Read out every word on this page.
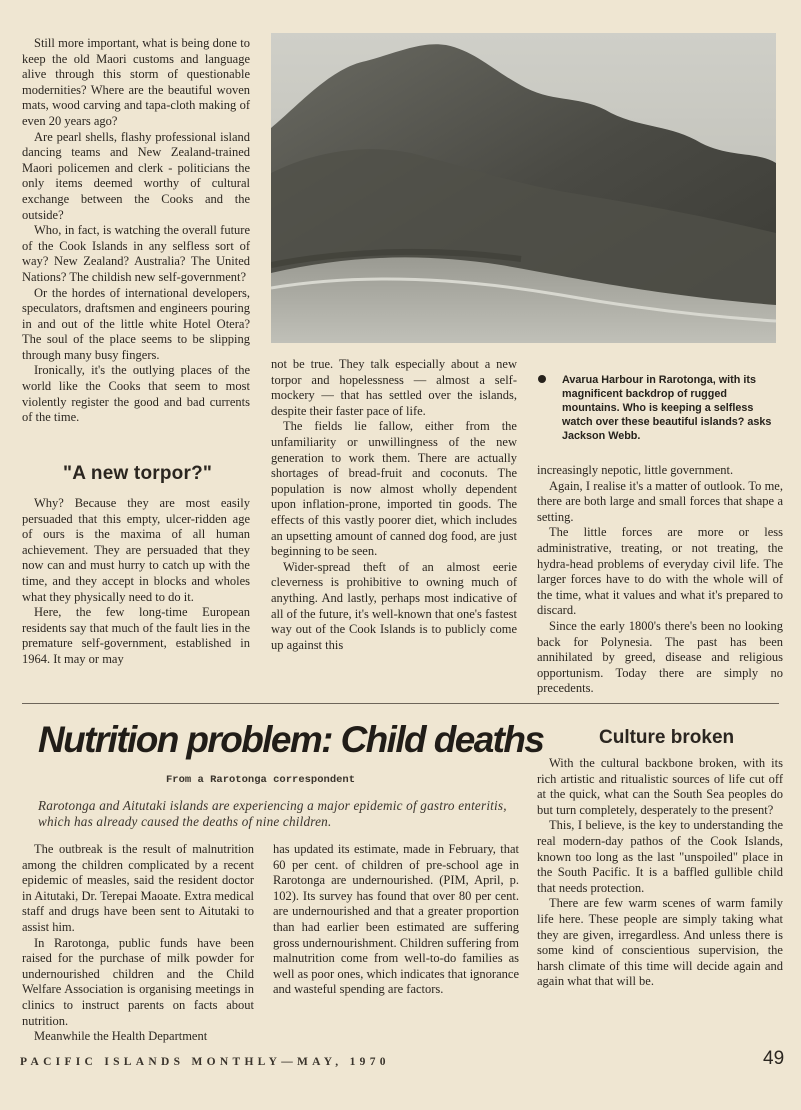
Still more important, what is being done to keep the old Maori customs and language alive through this storm of questionable modernities? Where are the beautiful woven mats, wood carving and tapa-cloth making of even 20 years ago?

Are pearl shells, flashy professional island dancing teams and New Zealand-trained Maori policemen and clerk - politicians the only items deemed worthy of cultural exchange between the Cooks and the outside?

Who, in fact, is watching the overall future of the Cook Islands in any selfless sort of way? New Zealand? Australia? The United Nations? The childish new self-government?

Or the hordes of international developers, speculators, draftsmen and engineers pouring in and out of the little white Hotel Otera? The soul of the place seems to be slipping through many busy fingers.

Ironically, it's the outlying places of the world like the Cooks that seem to most violently register the good and bad currents of the time.

"A new torpor?"

Why? Because they are most easily persuaded that this empty, ulcer-ridden age of ours is the maxima of all human achievement. They are persuaded that they now can and must hurry to catch up with the time, and they accept in blocks and wholes what they physically need to do it.

Here, the few long-time European residents say that much of the fault lies in the premature self-government, established in 1964. It may or may

not be true. They talk especially about a new torpor and hopelessness — almost a self-mockery — that has settled over the islands, despite their faster pace of life.

The fields lie fallow, either from the unfamiliarity or unwillingness of the new generation to work them. There are actually shortages of bread-fruit and coconuts. The population is now almost wholly dependent upon inflation-prone, imported tin goods. The effects of this vastly poorer diet, which includes an upsetting amount of canned dog food, are just beginning to be seen.

Wider-spread theft of an almost eerie cleverness is prohibitive to owning much of anything. And lastly, perhaps most indicative of all of the future, it's well-known that one's fastest way out of the Cook Islands is to publicly come up against this

Avarua Harbour in Rarotonga, with its magnificent backdrop of rugged mountains. Who is keeping a selfless watch over these beautiful islands? asks Jackson Webb.

increasingly nepotic, little government.

Again, I realise it's a matter of outlook. To me, there are both large and small forces that shape a setting.

The little forces are more or less administrative, treating, or not treating, the hydra-head problems of everyday civil life. The larger forces have to do with the whole will of the time, what it values and what it's prepared to discard.

Since the early 1800's there's been no looking back for Polynesia. The past has been annihilated by greed, disease and religious opportunism. Today there are simply no precedents.

Nutrition problem: Child deaths
From a Rarotonga correspondent
Rarotonga and Aitutaki islands are experiencing a major epidemic of gastro enteritis, which has already caused the deaths of nine children.

The outbreak is the result of malnutrition among the children complicated by a recent epidemic of measles, said the resident doctor in Aitutaki, Dr. Terepai Maoate. Extra medical staff and drugs have been sent to Aitutaki to assist him.

In Rarotonga, public funds have been raised for the purchase of milk powder for undernourished children and the Child Welfare Association is organising meetings in clinics to instruct parents on facts about nutrition.

Meanwhile the Health Department

has updated its estimate, made in February, that 60 per cent. of children of pre-school age in Rarotonga are undernourished. (PIM, April, p. 102). Its survey has found that over 80 per cent. are undernourished and that a greater proportion than had earlier been estimated are suffering gross undernourishment. Children suffering from malnutrition come from well-to-do families as well as poor ones, which indicates that ignorance and wasteful spending are factors.

Culture broken

With the cultural backbone broken, with its rich artistic and ritualistic sources of life cut off at the quick, what can the South Sea peoples do but turn completely, desperately to the present?

This, I believe, is the key to understanding the real modern-day pathos of the Cook Islands, known too long as the last "unspoiled" place in the South Pacific. It is a baffled gullible child that needs protection.

There are few warm scenes of warm family life here. These people are simply taking what they are given, irregardless. And unless there is some kind of conscientious supervision, the harsh climate of this time will decide again and again what that will be.

PACIFIC ISLANDS MONTHLY—MAY, 1970	49
